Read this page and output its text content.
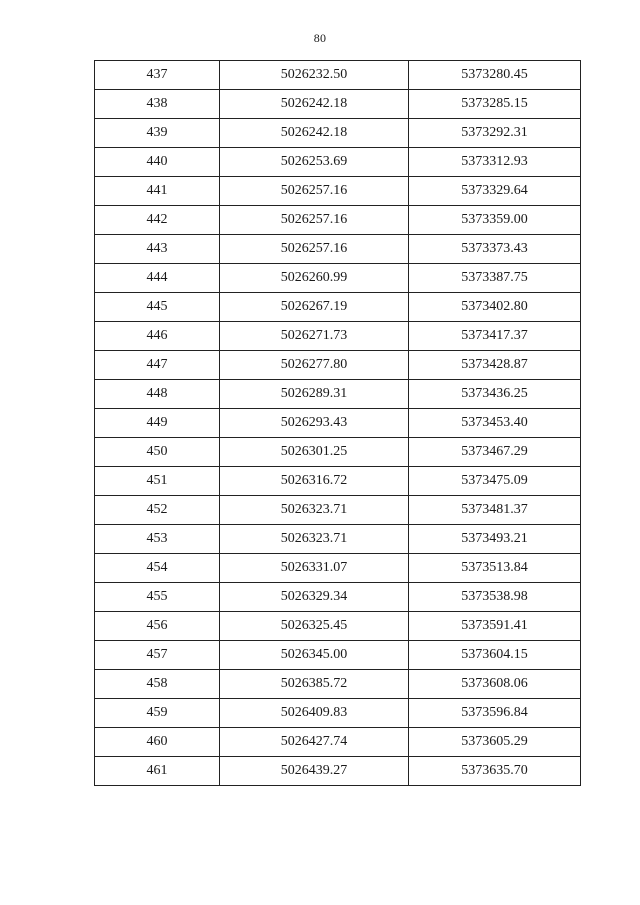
80
437	5026232.50	5373280.45
438	5026242.18	5373285.15
439	5026242.18	5373292.31
440	5026253.69	5373312.93
441	5026257.16	5373329.64
442	5026257.16	5373359.00
443	5026257.16	5373373.43
444	5026260.99	5373387.75
445	5026267.19	5373402.80
446	5026271.73	5373417.37
447	5026277.80	5373428.87
448	5026289.31	5373436.25
449	5026293.43	5373453.40
450	5026301.25	5373467.29
451	5026316.72	5373475.09
452	5026323.71	5373481.37
453	5026323.71	5373493.21
454	5026331.07	5373513.84
455	5026329.34	5373538.98
456	5026325.45	5373591.41
457	5026345.00	5373604.15
458	5026385.72	5373608.06
459	5026409.83	5373596.84
460	5026427.74	5373605.29
461	5026439.27	5373635.70
